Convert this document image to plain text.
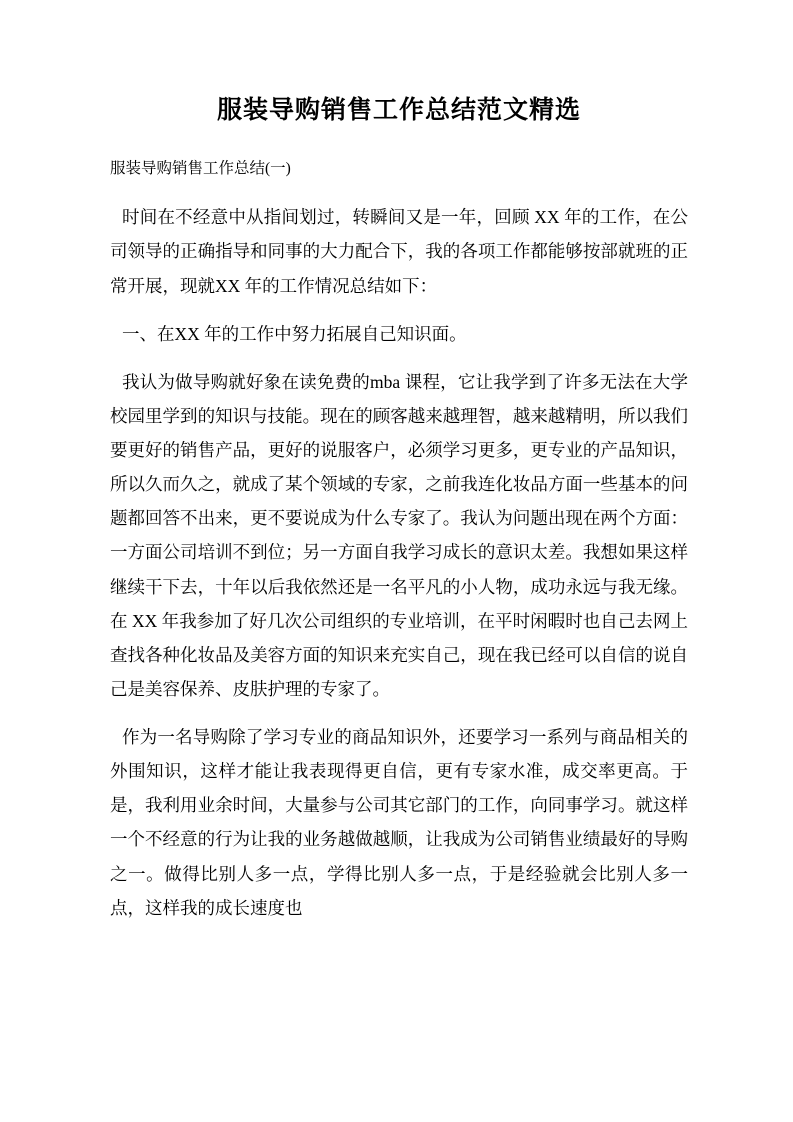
服装导购销售工作总结范文精选
服装导购销售工作总结(一)

时间在不经意中从指间划过，转瞬间又是一年，回顾 XX 年的工作，在公司领导的正确指导和同事的大力配合下，我的各项工作都能够按部就班的正常开展，现就XX 年的工作情况总结如下：

一、在XX 年的工作中努力拓展自己知识面。

我认为做导购就好象在读免费的mba 课程，它让我学到了许多无法在大学校园里学到的知识与技能。现在的顾客越来越理智，越来越精明，所以我们要更好的销售产品，更好的说服客户，必须学习更多，更专业的产品知识，所以久而久之，就成了某个领域的专家，之前我连化妆品方面一些基本的问题都回答不出来，更不要说成为什么专家了。我认为问题出现在两个方面：一方面公司培训不到位；另一方面自我学习成长的意识太差。我想如果这样继续干下去，十年以后我依然还是一名平凡的小人物，成功永远与我无缘。在 XX 年我参加了好几次公司组织的专业培训，在平时闲暇时也自己去网上查找各种化妆品及美容方面的知识来充实自己，现在我已经可以自信的说自己是美容保养、皮肤护理的专家了。

作为一名导购除了学习专业的商品知识外，还要学习一系列与商品相关的外围知识，这样才能让我表现得更自信，更有专家水准，成交率更高。于是，我利用业余时间，大量参与公司其它部门的工作，向同事学习。就这样一个不经意的行为让我的业务越做越顺，让我成为公司销售业绩最好的导购之一。做得比别人多一点，学得比别人多一点，于是经验就会比别人多一点，这样我的成长速度也
